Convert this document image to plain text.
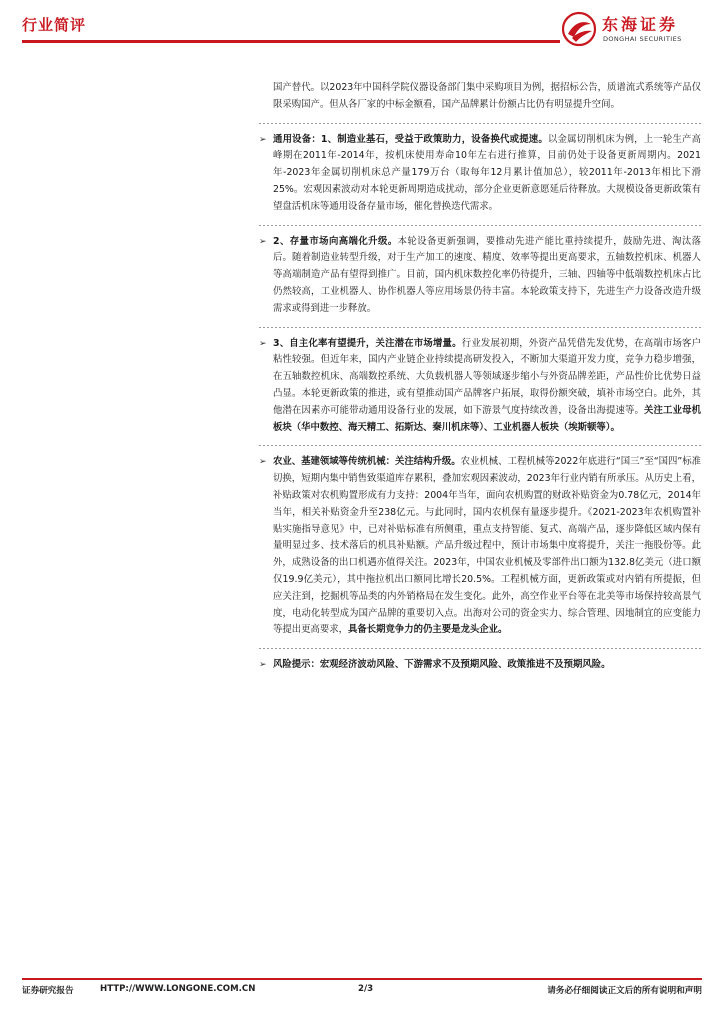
行业简评	东海证券
DONGHAI SECURITIES

国产替代。以2023年中国科学院仪器设备部门集中采购项目为例，据招标公告，质谱流式系统等产品仅限采购国产。但从各厂家的中标金额看，国产品牌累计份额占比仍有明显提升空间。

➢ 通用设备：1、制造业基石，受益于政策助力，设备换代或提速。以金属切削机床为例，上一轮生产高峰期在2011年-2014年，按机床使用寿命10年左右进行推算，目前仍处于设备更新周期内。2021年-2023年金属切削机床总产量179万台（取每年12月累计值加总），较2011年-2013年相比下滑25%。宏观因素波动对本轮更新周期造成扰动，部分企业更新意愿延后待释放。大规模设备更新政策有望盘活机床等通用设备存量市场，催化替换迭代需求。

➢ 2、存量市场向高端化升级。本轮设备更新强调，要推动先进产能比重持续提升，鼓励先进、淘汰落后。随着制造业转型升级，对于生产加工的速度、精度、效率等提出更高要求，五轴数控机床、机器人等高端制造产品有望得到推广。目前，国内机床数控化率仍待提升，三轴、四轴等中低端数控机床占比仍然较高，工业机器人、协作机器人等应用场景仍待丰富。本轮政策支持下，先进生产力设备改造升级需求或得到进一步释放。

➢ 3、自主化率有望提升，关注潜在市场增量。行业发展初期，外资产品凭借先发优势，在高端市场客户粘性较强。但近年来，国内产业链企业持续提高研发投入，不断加大渠道开发力度，竞争力稳步增强，在五轴数控机床、高端数控系统、大负载机器人等领域逐步缩小与外资品牌差距，产品性价比优势日益凸显。本轮更新政策的推进，或有望推动国产品牌客户拓展，取得份额突破，填补市场空白。此外，其他潜在因素亦可能带动通用设备行业的发展，如下游景气度持续改善，设备出海提速等。关注工业母机板块（华中数控、海天精工、拓斯达、秦川机床等）、工业机器人板块（埃斯顿等）。

➢ 农业、基建领域等传统机械：关注结构升级。农业机械、工程机械等2022年底进行“国三”至“国四”标准切换，短期内集中销售致渠道库存累积，叠加宏观因素波动，2023年行业内销有所承压。从历史上看，补贴政策对农机购置形成有力支持：2004年当年，面向农机购置的财政补贴资金为0.78亿元，2014年当年，相关补贴资金升至238亿元。与此同时，国内农机保有量逐步提升。《2021-2023年农机购置补贴实施指导意见》中，已对补贴标准有所侧重，重点支持智能、复式、高端产品，逐步降低区域内保有量明显过多、技术落后的机具补贴额。产品升级过程中，预计市场集中度将提升，关注一拖股份等。此外，成熟设备的出口机遇亦值得关注。2023年，中国农业机械及零部件出口额为132.8亿美元（进口额仅19.9亿美元），其中拖拉机出口额同比增长20.5%。工程机械方面，更新政策或对内销有所提振，但应关注到，挖掘机等品类的内外销格局在发生变化。此外，高空作业平台等在北美等市场保持较高景气度，电动化转型成为国产品牌的重要切入点。出海对公司的资金实力、综合管理、因地制宜的应变能力等提出更高要求，具备长期竞争力的仍主要是龙头企业。

➢ 风险提示：宏观经济波动风险、下游需求不及预期风险、政策推进不及预期风险。

证券研究报告	HTTP://WWW.LONGONE.COM.CN	2/3	请务必仔细阅读正文后的所有说明和声明
